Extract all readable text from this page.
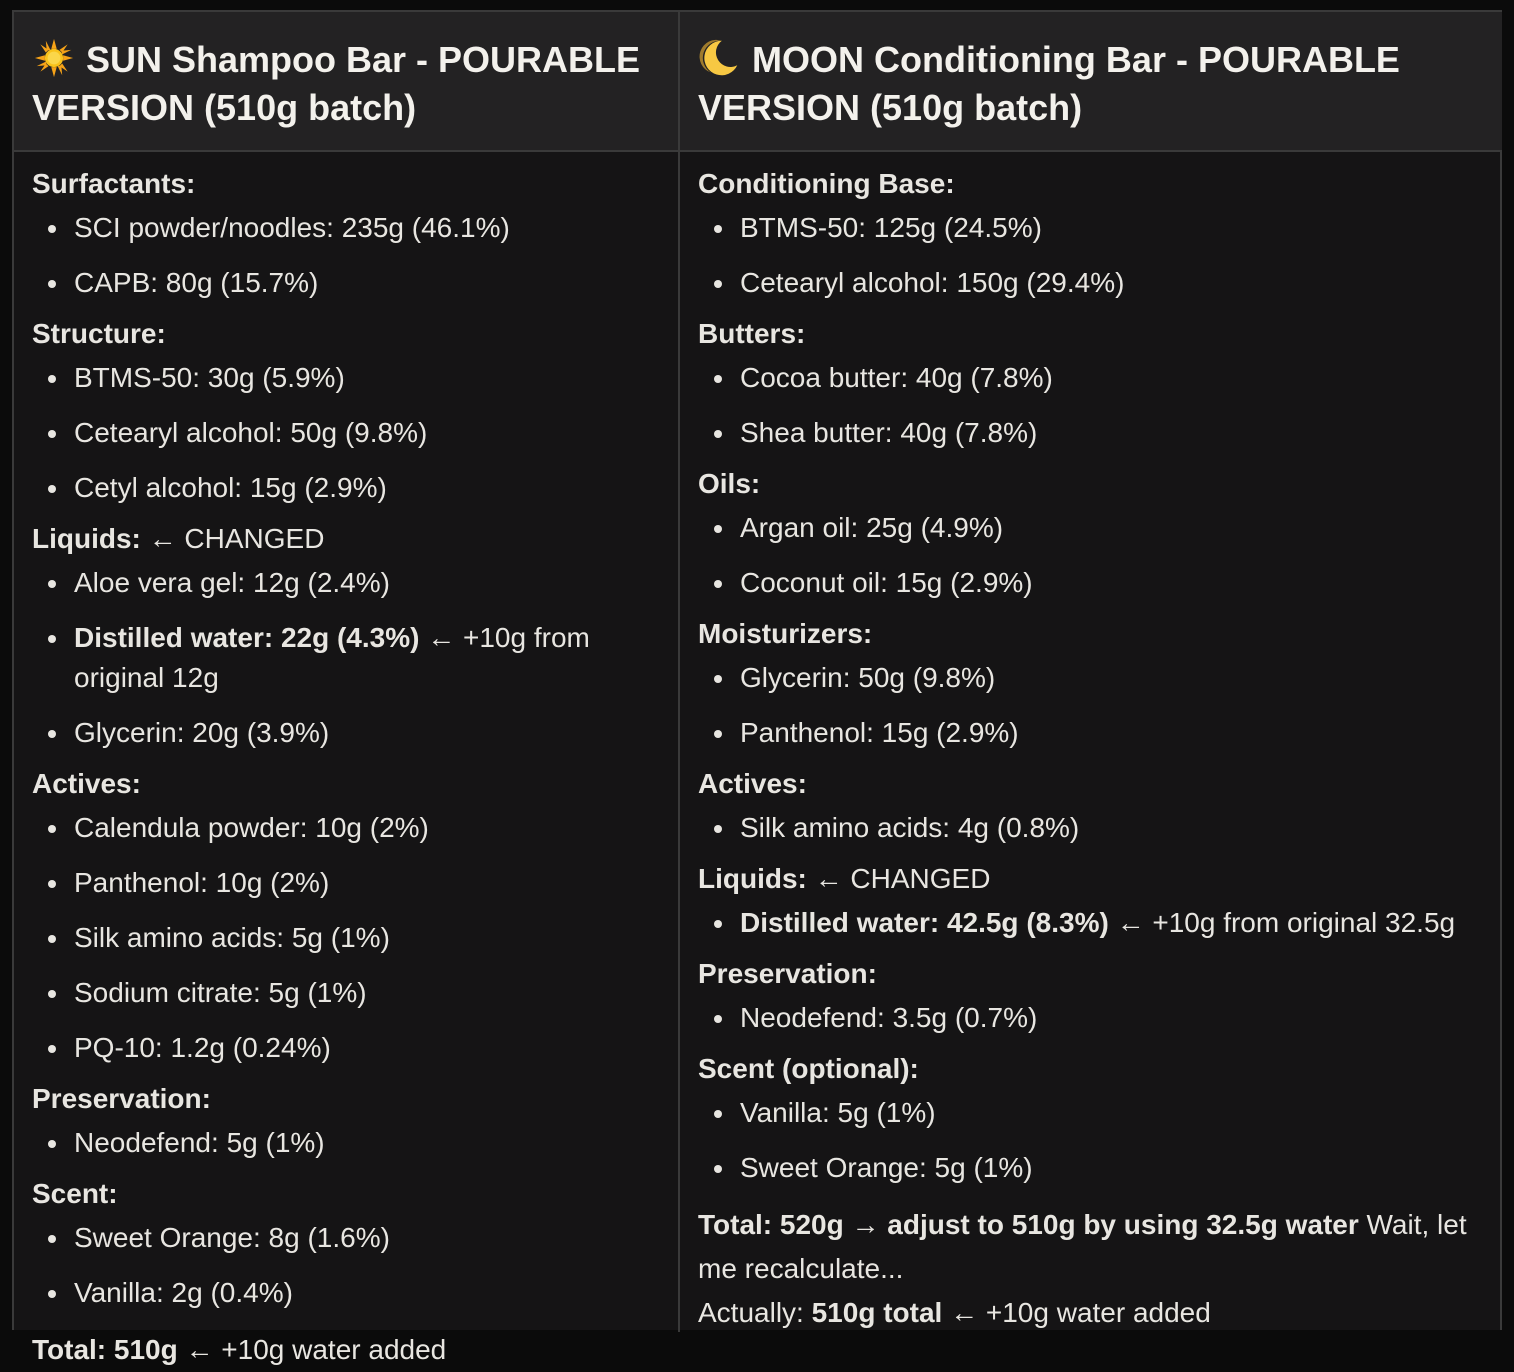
SUN Shampoo Bar - POURABLE VERSION (510g batch)
MOON Conditioning Bar - POURABLE VERSION (510g batch)

Surfactants:

SCI powder/noodles: 235g (46.1%)
CAPB: 80g (15.7%)

Structure:

BTMS-50: 30g (5.9%)
Cetearyl alcohol: 50g (9.8%)
Cetyl alcohol: 15g (2.9%)

Liquids: ← CHANGED

Aloe vera gel: 12g (2.4%)
Distilled water: 22g (4.3%) ← +10g from original 12g
Glycerin: 20g (3.9%)

Actives:

Calendula powder: 10g (2%)
Panthenol: 10g (2%)
Silk amino acids: 5g (1%)
Sodium citrate: 5g (1%)
PQ-10: 1.2g (0.24%)

Preservation:

Neodefend: 5g (1%)

Scent:

Sweet Orange: 8g (1.6%)
Vanilla: 2g (0.4%)

Total: 510g ← +10g water added

Conditioning Base:

BTMS-50: 125g (24.5%)
Cetearyl alcohol: 150g (29.4%)

Butters:

Cocoa butter: 40g (7.8%)
Shea butter: 40g (7.8%)

Oils:

Argan oil: 25g (4.9%)
Coconut oil: 15g (2.9%)

Moisturizers:

Glycerin: 50g (9.8%)
Panthenol: 15g (2.9%)

Actives:

Silk amino acids: 4g (0.8%)

Liquids: ← CHANGED

Distilled water: 42.5g (8.3%) ← +10g from original 32.5g

Preservation:

Neodefend: 3.5g (0.7%)

Scent (optional):

Vanilla: 5g (1%)
Sweet Orange: 5g (1%)

Total: 520g → adjust to 510g by using 32.5g water Wait, let me recalculate...

Actually: 510g total ← +10g water added
